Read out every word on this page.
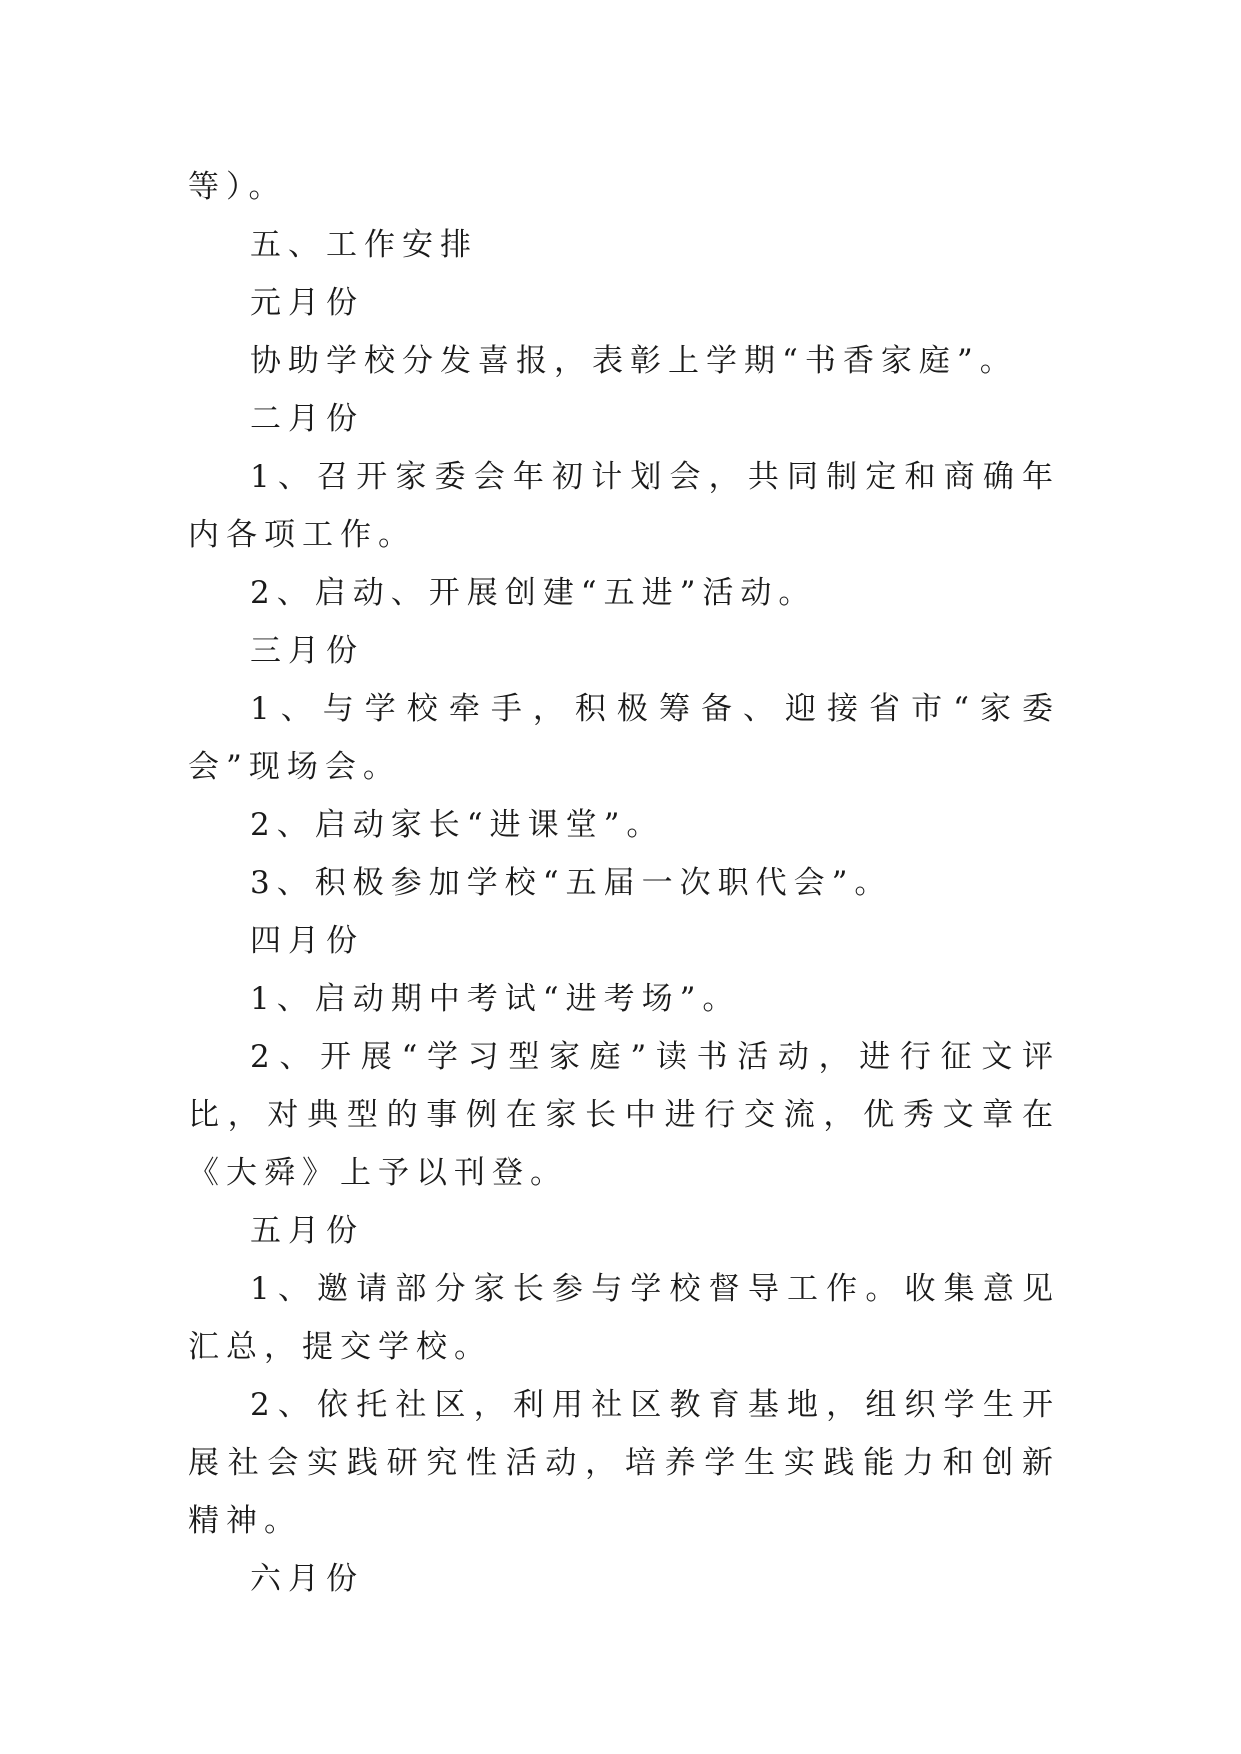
等）。

五、工作安排

元月份

协助学校分发喜报，表彰上学期“书香家庭”。

二月份

1、召开家委会年初计划会，共同制定和商确年内各项工作。

2、启动、开展创建“五进”活动。

三月份

1、与学校牵手，积极筹备、迎接省市“家委会”现场会。

2、启动家长“进课堂”。

3、积极参加学校“五届一次职代会”。

四月份

1、启动期中考试“进考场”。

2、开展“学习型家庭”读书活动，进行征文评比，对典型的事例在家长中进行交流，优秀文章在《大舜》上予以刊登。

五月份

1、邀请部分家长参与学校督导工作。收集意见汇总，提交学校。

2、依托社区，利用社区教育基地，组织学生开展社会实践研究性活动，培养学生实践能力和创新精神。

六月份
